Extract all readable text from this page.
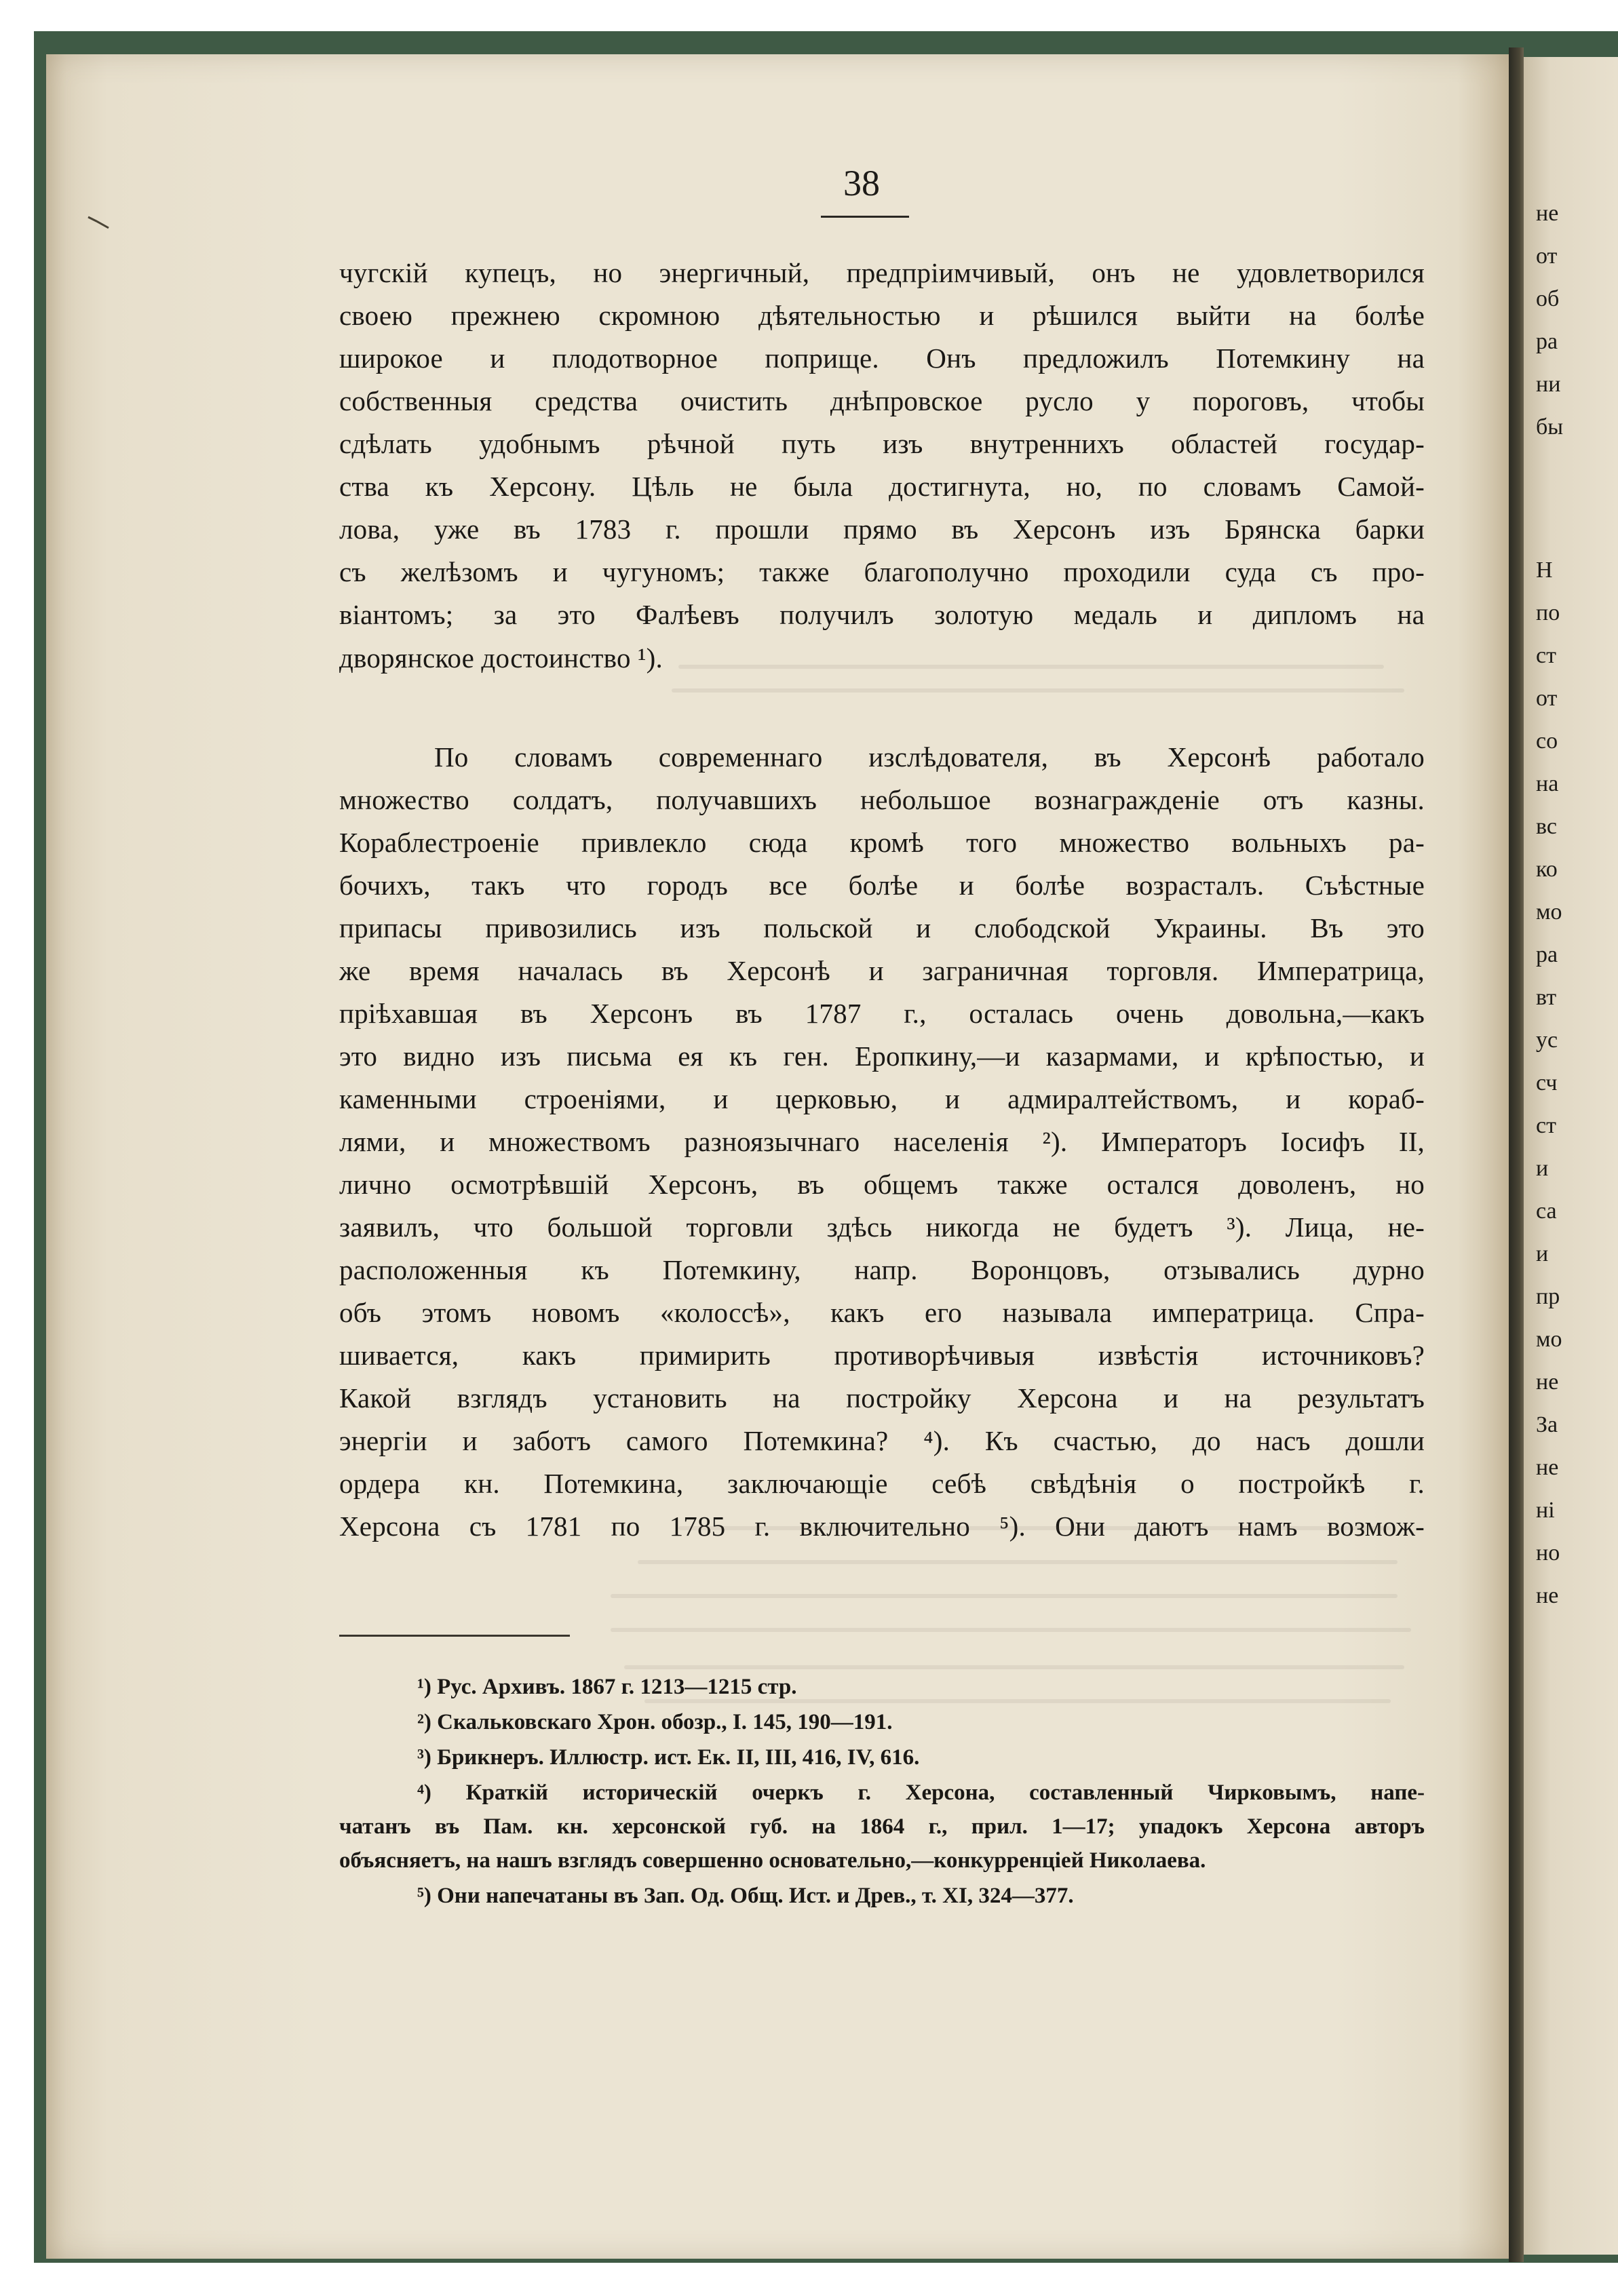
не
от
об
ра
ни
бы
Н
по
ст
от
со
на
вс
ко
мо
ра
вт
ус
сч
ст
и
са
и
пр
мо
не
За
не
ні
но
не
38
чугскій купецъ, но энергичный, предпріимчивый, онъ не удовлетворился
своею прежнею скромною дѣятельностью и рѣшился выйти на болѣе
широкое и плодотворное поприще. Онъ предложилъ Потемкину на
собственныя средства очистить днѣпровское русло у пороговъ, чтобы
сдѣлать удобнымъ рѣчной путь изъ внутреннихъ областей государ-
ства къ Херсону. Цѣль не была достигнута, но, по словамъ Самой-
лова, уже въ 1783 г. прошли прямо въ Херсонъ изъ Брянска барки
съ желѣзомъ и чугуномъ; также благополучно проходили суда съ про-
віантомъ; за это Фалѣевъ получилъ золотую медаль и дипломъ на
дворянское достоинство ¹).
По словамъ современнаго изслѣдователя, въ Херсонѣ работало
множество солдатъ, получавшихъ небольшое вознагражденіе отъ казны.
Кораблестроеніе привлекло сюда кромѣ того множество вольныхъ ра-
бочихъ, такъ что городъ все болѣе и болѣе возрасталъ. Съѣстные
припасы привозились изъ польской и слободской Украины. Въ это
же время началась въ Херсонѣ и заграничная торговля. Императрица,
пріѣхавшая въ Херсонъ въ 1787 г., осталась очень довольна,—какъ
это видно изъ письма ея къ ген. Еропкину,—и казармами, и крѣпостью, и
каменными строеніями, и церковью, и адмиралтействомъ, и кораб-
лями, и множествомъ разноязычнаго населенія ²). Императоръ Іосифъ II,
лично осмотрѣвшій Херсонъ, въ общемъ также остался доволенъ, но
заявилъ, что большой торговли здѣсь никогда не будетъ ³). Лица, не-
расположенныя къ Потемкину, напр. Воронцовъ, отзывались дурно
объ этомъ новомъ «колоссѣ», какъ его называла императрица. Спра-
шивается, какъ примирить противорѣчивыя извѣстія источниковъ?
Какой взглядъ установить на постройку Херсона и на результатъ
энергіи и заботъ самого Потемкина? ⁴). Къ счастью, до насъ дошли
ордера кн. Потемкина, заключающіе себѣ свѣдѣнія о постройкѣ г.
Херсона съ 1781 по 1785 г. включительно ⁵). Они даютъ намъ возмож-
¹) Рус. Архивъ. 1867 г. 1213—1215 стр.
²) Скальковскаго Хрон. обозр., I. 145, 190—191.
³) Брикнеръ. Иллюстр. ист. Ек. II, III, 416, IV, 616.
⁴) Краткій историческій очеркъ г. Херсона, составленный Чирковымъ, напе-
чатанъ въ Пам. кн. херсонской губ. на 1864 г., прил. 1—17; упадокъ Херсона авторъ
объясняетъ, на нашъ взглядъ совершенно основательно,—конкурренціей Николаева.
⁵) Они напечатаны въ Зап. Од. Общ. Ист. и Древ., т. XI, 324—377.
